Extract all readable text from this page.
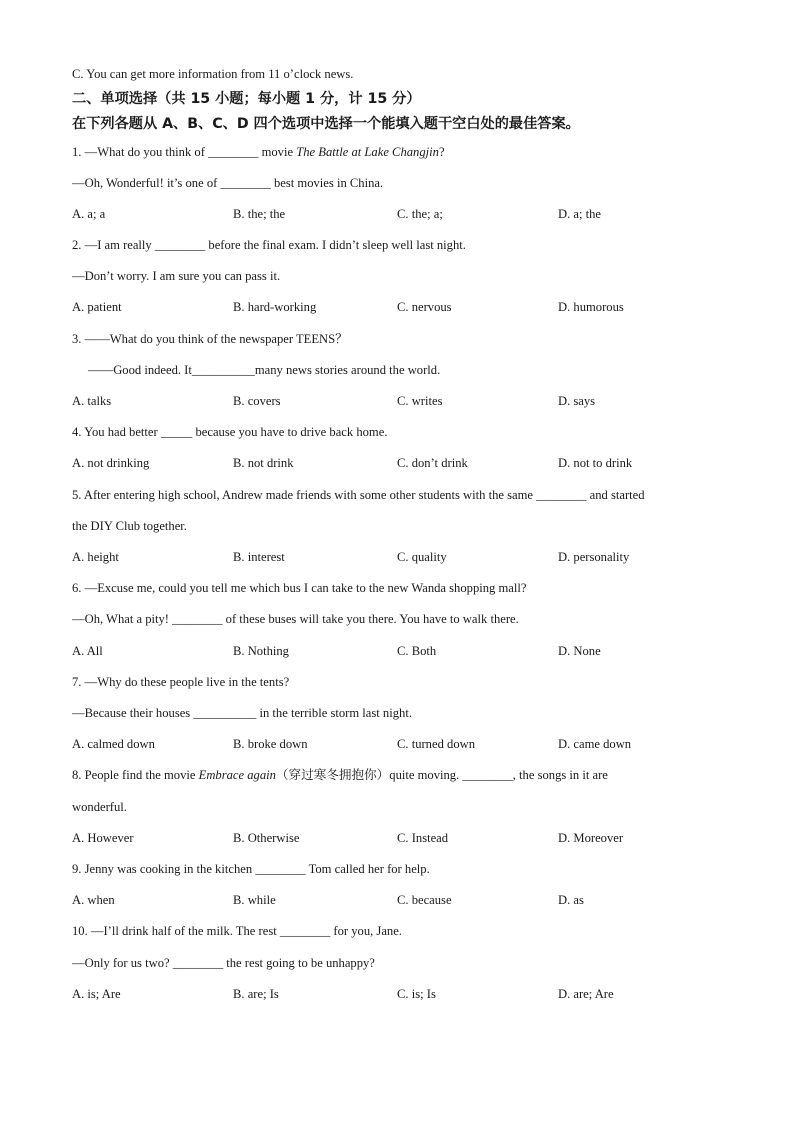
C. You can get more information from 11 o’clock news.
二、单项选择（共 15 小题；每小题 1 分，计 15 分）
在下列各题从 A、B、C、D 四个选项中选择一个能填入题干空白处的最佳答案。
1. —What do you think of ________ movie The Battle at Lake Changjin?
—Oh, Wonderful! it’s one of ________ best movies in China.
A. a; a	B. the; the	C. the; a;	D. a; the
2. —I am really ________ before the final exam. I didn’t sleep well last night.
—Don’t worry. I am sure you can pass it.
A. patient	B. hard-working	C. nervous	D. humorous
3. ——What do you think of the newspaper TEENS？
——Good indeed. It__________many news stories around the world.
A. talks	B. covers	C. writes	D. says
4. You had better _____ because you have to drive back home.
A. not drinking	B. not drink	C. don’t drink	D. not to drink
5. After entering high school, Andrew made friends with some other students with the same ________ and started
the DIY Club together.
A. height	B. interest	C. quality	D. personality
6. —Excuse me, could you tell me which bus I can take to the new Wanda shopping mall?
—Oh, What a pity! ________ of these buses will take you there. You have to walk there.
A. All	B. Nothing	C. Both	D. None
7. —Why do these people live in the tents?
—Because their houses __________ in the terrible storm last night.
A. calmed down	B. broke down	C. turned down	D. came down
8. People find the movie Embrace again（穿过寒冬拥抱你）quite moving. ________, the songs in it are
wonderful.
A. However	B. Otherwise	C. Instead	D. Moreover
9. Jenny was cooking in the kitchen ________ Tom called her for help.
A. when	B. while	C. because	D. as
10. —I’ll drink half of the milk. The rest ________ for you, Jane.
—Only for us two? ________ the rest going to be unhappy?
A. is; Are	B. are; Is	C. is; Is	D. are; Are
